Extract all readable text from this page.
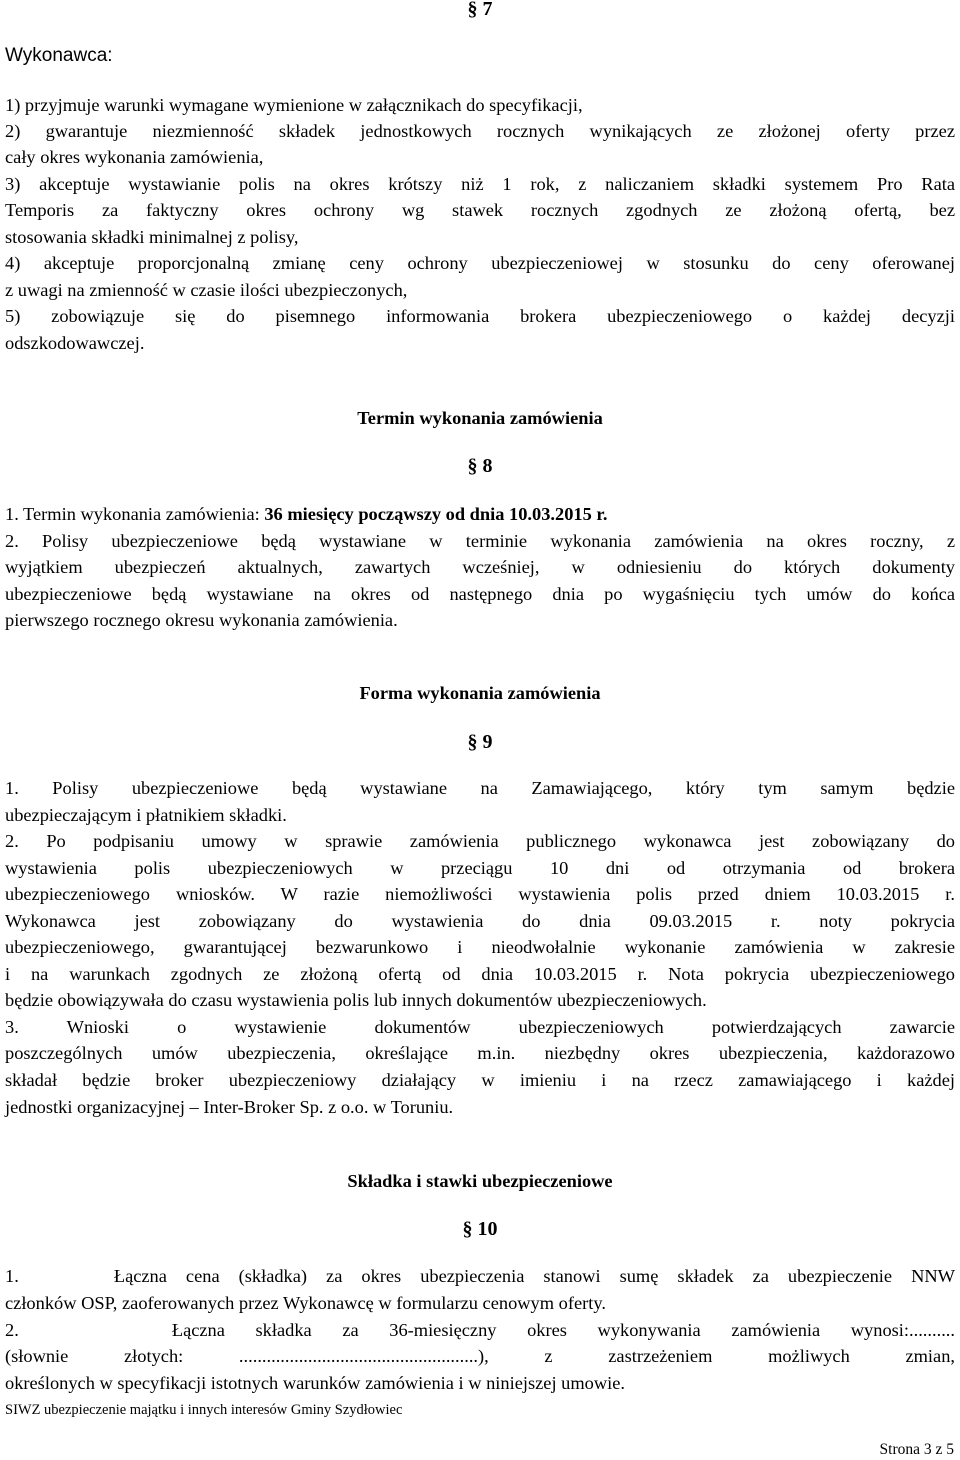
Wykonawca:
§ 7
1) przyjmuje warunki wymagane wymienione w załącznikach do specyfikacji,
2) gwarantuje niezmienność składek jednostkowych rocznych wynikających ze złożonej oferty przez
cały okres wykonania zamówienia,
3) akceptuje wystawianie polis na okres krótszy niż 1 rok, z naliczaniem składki systemem Pro Rata
Temporis za faktyczny okres ochrony wg stawek rocznych zgodnych ze złożoną ofertą, bez
stosowania składki minimalnej z polisy,
4) akceptuje proporcjonalną zmianę ceny ochrony ubezpieczeniowej w stosunku do ceny oferowanej
z uwagi na zmienność w czasie ilości ubezpieczonych,
5) zobowiązuje się do pisemnego informowania brokera ubezpieczeniowego o każdej decyzji
odszkodowawczej.
Termin wykonania zamówienia
§ 8
1. Termin wykonania zamówienia: 36 miesięcy począwszy od dnia 10.03.2015 r.
2. Polisy ubezpieczeniowe będą wystawiane w terminie wykonania zamówienia na okres roczny, z
wyjątkiem ubezpieczeń aktualnych, zawartych wcześniej, w odniesieniu do których dokumenty
ubezpieczeniowe będą wystawiane na okres od następnego dnia po wygaśnięciu tych umów do końca
pierwszego rocznego okresu wykonania zamówienia.
Forma wykonania zamówienia
§ 9
1. Polisy ubezpieczeniowe będą wystawiane na Zamawiającego, który tym samym będzie
ubezpieczającym i płatnikiem składki.
2. Po podpisaniu umowy w sprawie zamówienia publicznego wykonawca jest zobowiązany do
wystawienia polis ubezpieczeniowych w przeciągu 10 dni od otrzymania od brokera
ubezpieczeniowego wniosków. W razie niemożliwości wystawienia polis przed dniem 10.03.2015 r.
Wykonawca jest zobowiązany do wystawienia do dnia 09.03.2015 r. noty pokrycia
ubezpieczeniowego, gwarantującej bezwarunkowo i nieodwołalnie wykonanie zamówienia w zakresie
i na warunkach zgodnych ze złożoną ofertą od dnia 10.03.2015 r. Nota pokrycia ubezpieczeniowego
będzie obowiązywała do czasu wystawienia polis lub innych dokumentów ubezpieczeniowych.
3. Wnioski o wystawienie dokumentów ubezpieczeniowych potwierdzających zawarcie
poszczególnych umów ubezpieczenia, określające m.in. niezbędny okres ubezpieczenia, każdorazowo
składał będzie broker ubezpieczeniowy działający w imieniu i na rzecz zamawiającego i każdej
jednostki organizacyjnej – Inter-Broker Sp. z o.o. w Toruniu.
Składka i stawki ubezpieczeniowe
§ 10
1.     Łączna cena (składka) za okres ubezpieczenia stanowi sumę składek za ubezpieczenie NNW
członków OSP, zaoferowanych przez Wykonawcę w formularzu cenowym oferty.
2.     Łączna składka za 36-miesięczny okres wykonywania zamówienia wynosi:..........
(słownie złotych: ....................................................), z zastrzeżeniem możliwych zmian,
określonych w specyfikacji istotnych warunków zamówienia i w niniejszej umowie.
SIWZ ubezpieczenie majątku i innych interesów Gminy Szydłowiec
Strona 3 z 5
